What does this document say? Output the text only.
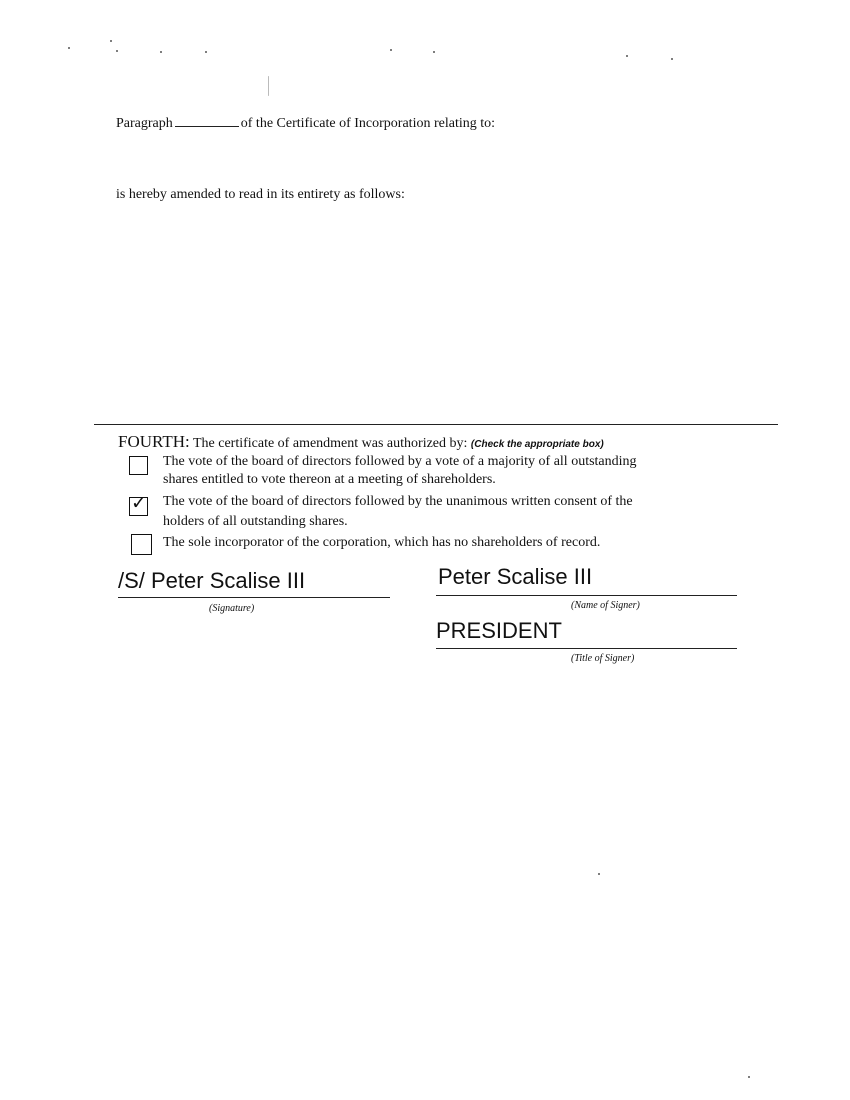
Paragraph	of the Certificate of Incorporation relating to:
is hereby amended to read in its entirety as follows:
FOURTH: The certificate of amendment was authorized by: (Check the appropriate box)
The vote of the board of directors followed by a vote of a majority of all outstanding
shares entitled to vote thereon at a meeting of shareholders.
✓ The vote of the board of directors followed by the unanimous written consent of the
holders of all outstanding shares.
The sole incorporator of the corporation, which has no shareholders of record.
/S/ Peter Scalise III
(Signature)
Peter Scalise III
(Name of Signer)
PRESIDENT
(Title of Signer)
